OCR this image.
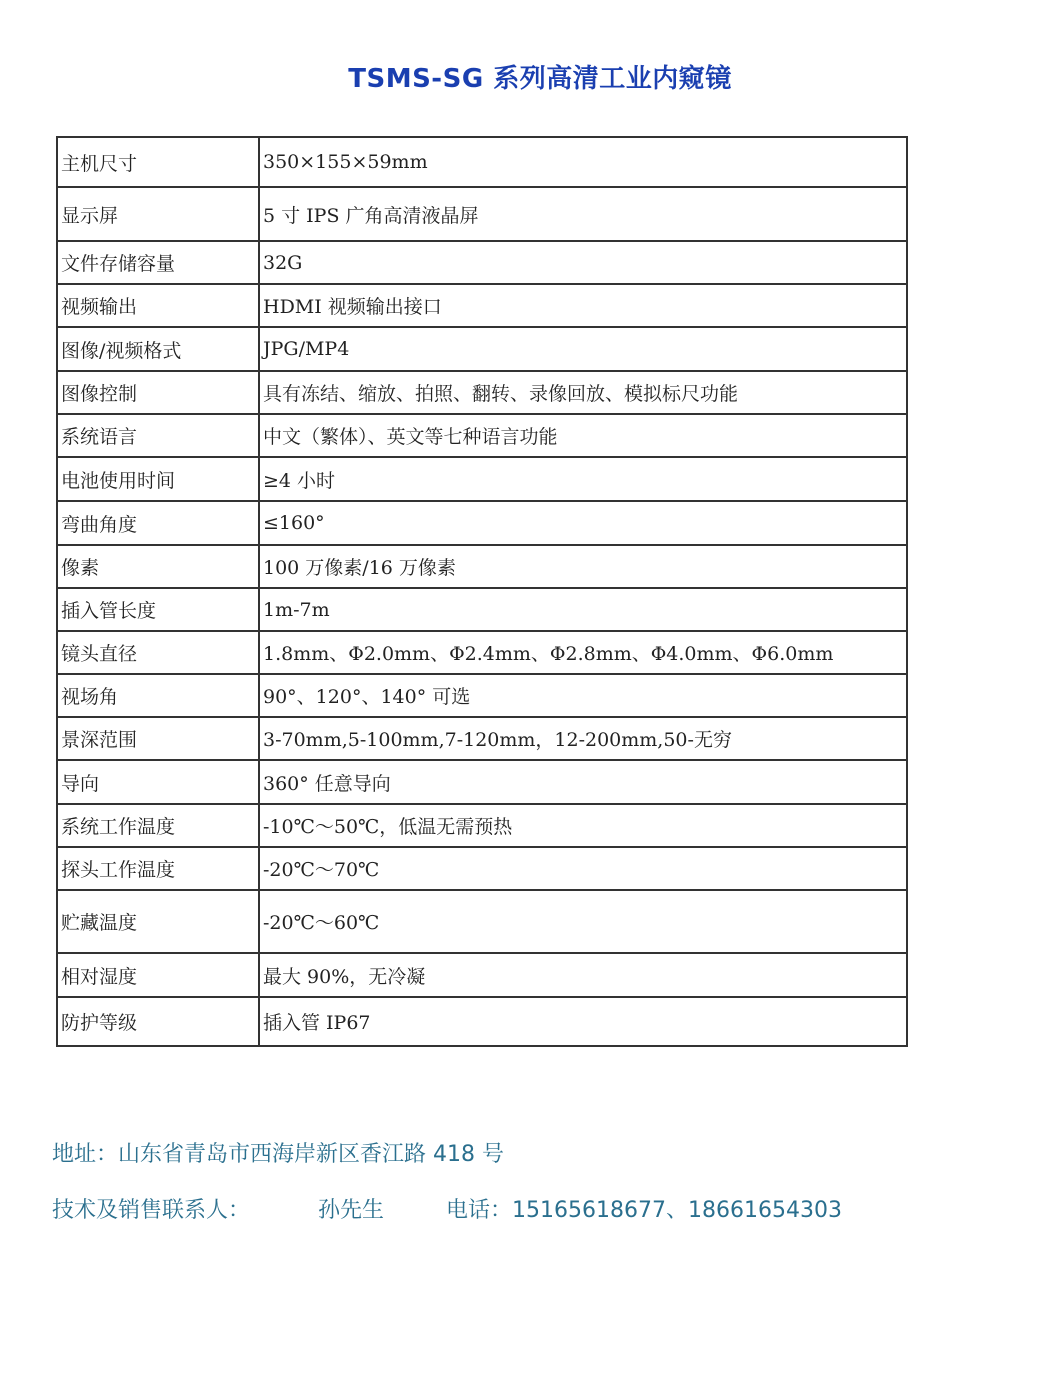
TSMS-SG 系列高清工业内窥镜
主机尺寸	350×155×59mm
显示屏	5 寸 IPS 广角高清液晶屏
文件存储容量	32G
视频输出	HDMI 视频输出接口
图像/视频格式	JPG/MP4
图像控制	具有冻结、缩放、拍照、翻转、录像回放、模拟标尺功能
系统语言	中文（繁体）、英文等七种语言功能
电池使用时间	≥4 小时
弯曲角度	≤160°
像素	100 万像素/16 万像素
插入管长度	1m-7m
镜头直径	1.8mm、Φ2.0mm、Φ2.4mm、Φ2.8mm、Φ4.0mm、Φ6.0mm
视场角	90°、120°、140° 可选
景深范围	3-70mm,5-100mm,7-120mm，12-200mm,50-无穷
导向	360° 任意导向
系统工作温度	-10℃～50℃，低温无需预热
探头工作温度	-20℃～70℃
贮藏温度	-20℃～60℃
相对湿度	最大 90%，无冷凝
防护等级	插入管 IP67
地址：山东省青岛市西海岸新区香江路 418 号
技术及销售联系人：	孙先生	电话：15165618677、18661654303
